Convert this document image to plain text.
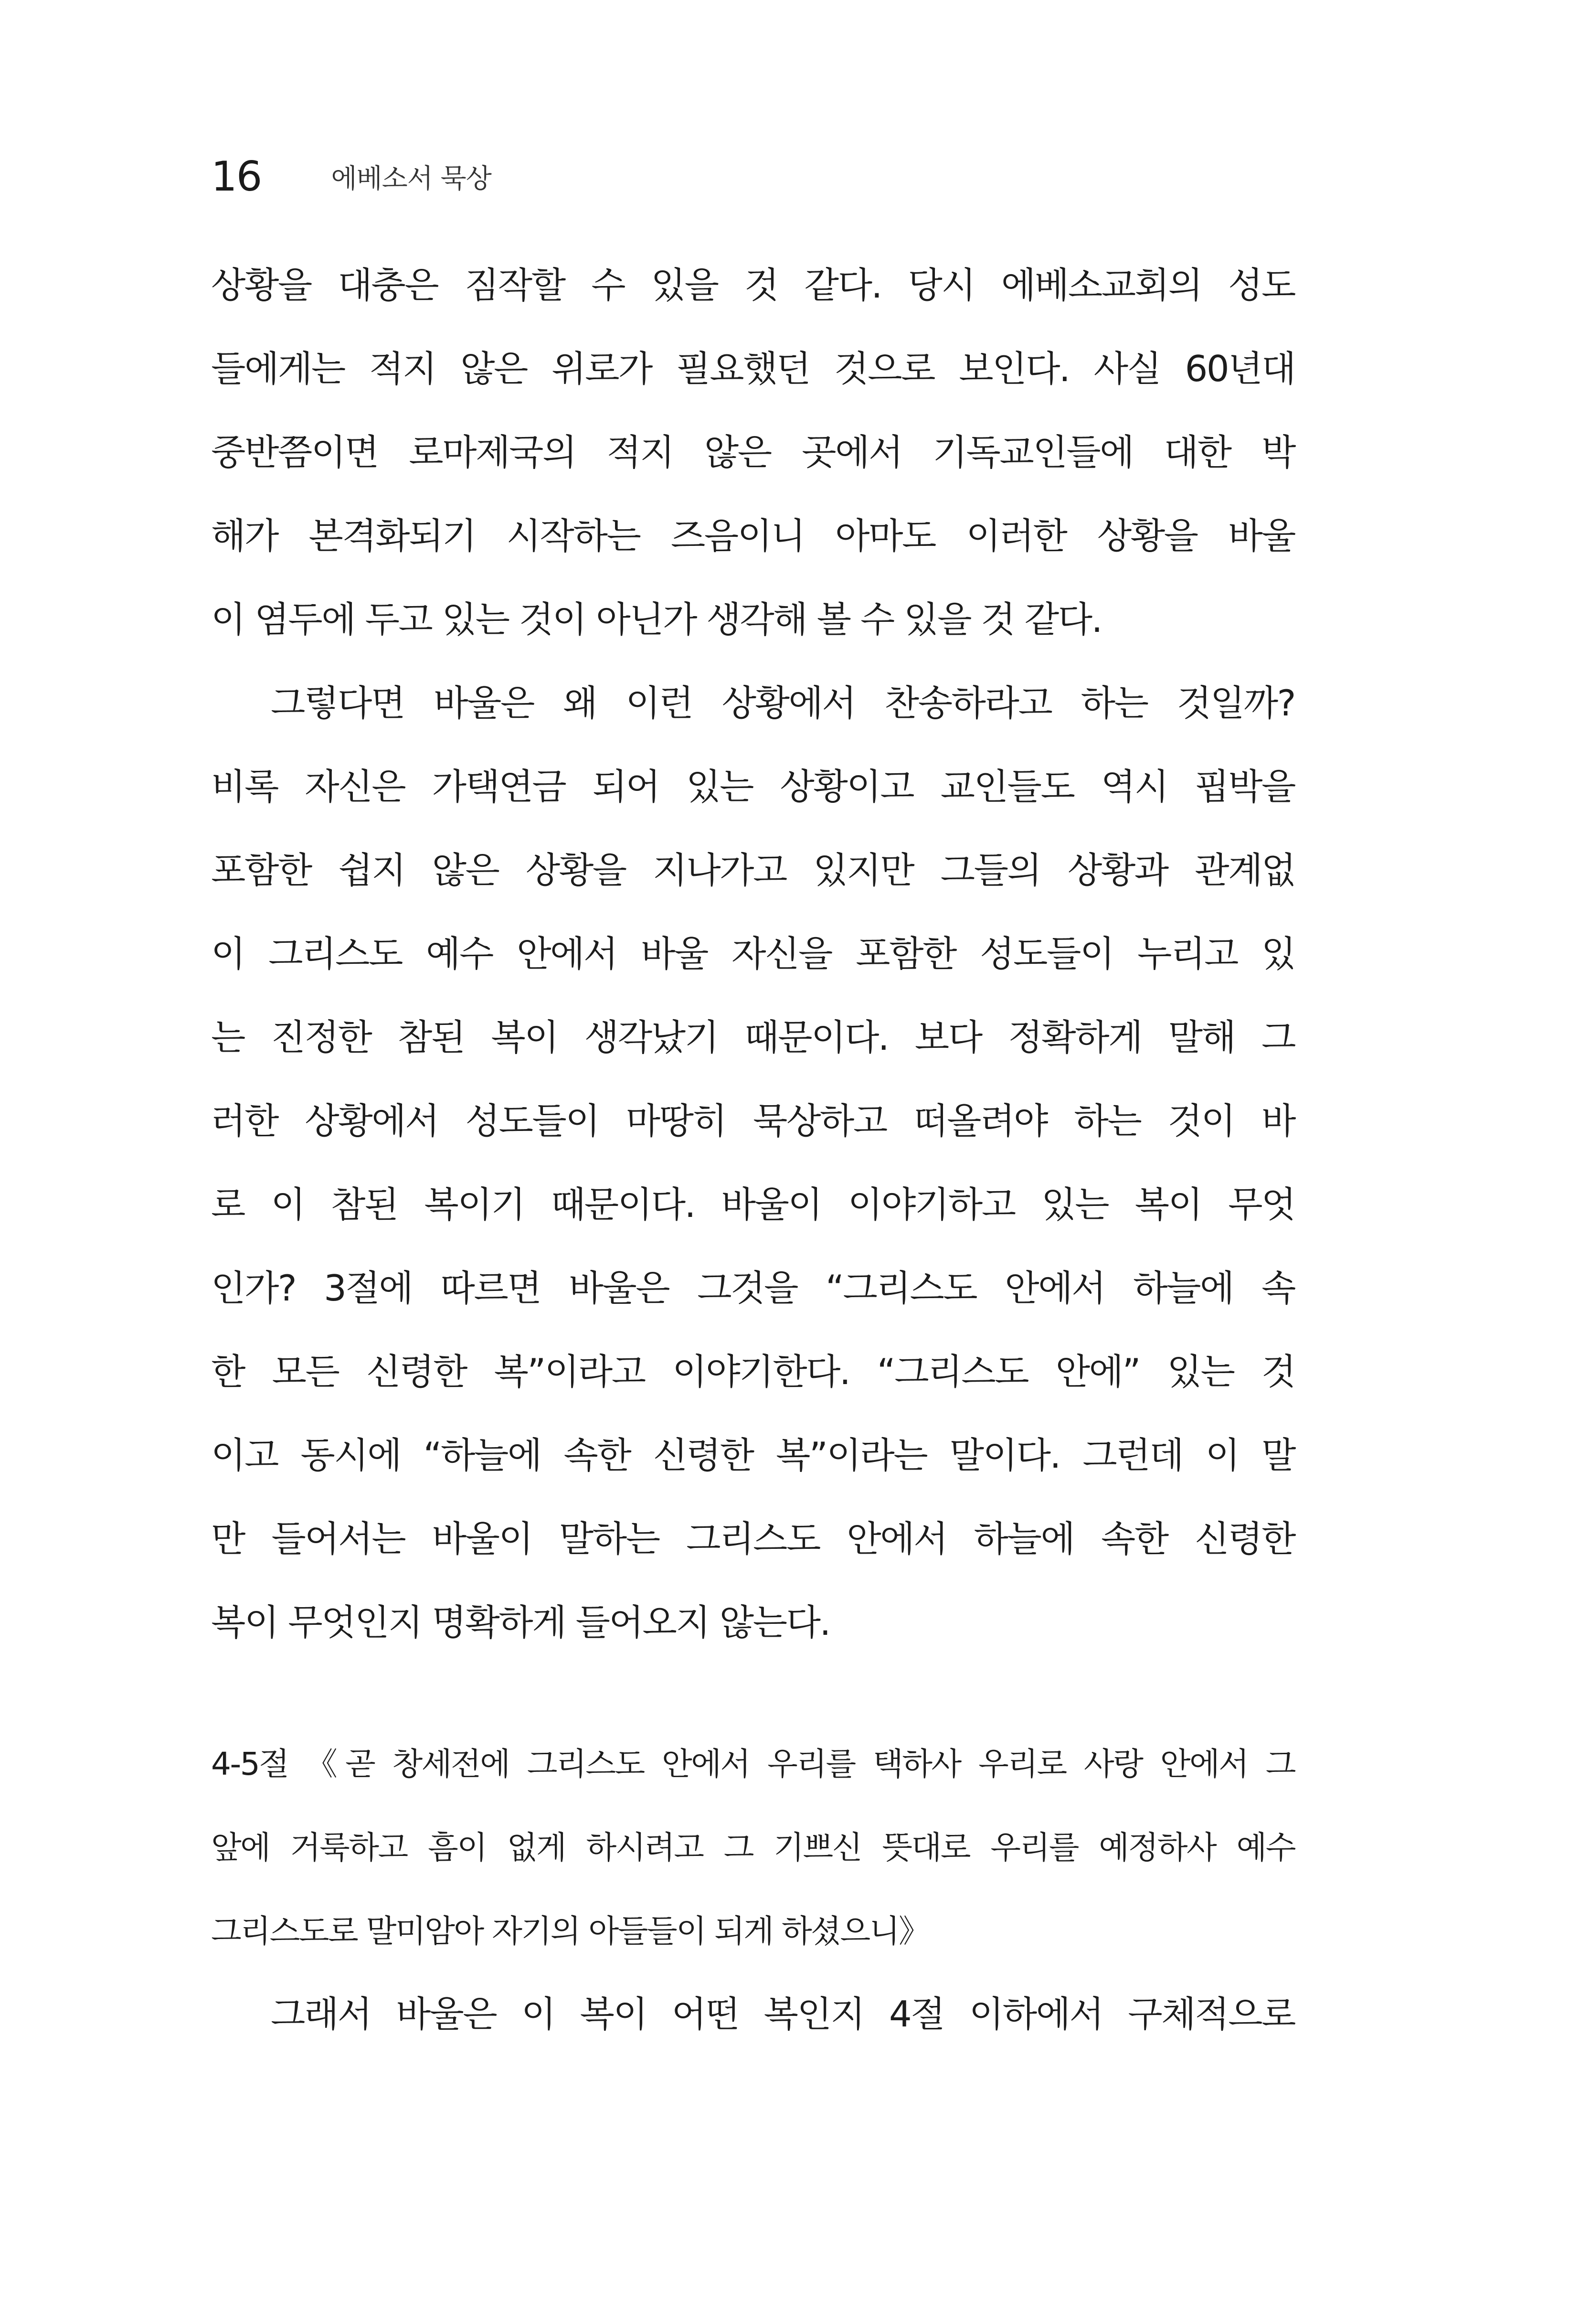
16	에베소서 묵상
상황을 대충은 짐작할 수 있을 것 같다. 당시 에베소교회의 성도
들에게는 적지 않은 위로가 필요했던 것으로 보인다. 사실 60년대
중반쯤이면 로마제국의 적지 않은 곳에서 기독교인들에 대한 박
해가 본격화되기 시작하는 즈음이니 아마도 이러한 상황을 바울
이 염두에 두고 있는 것이 아닌가 생각해 볼 수 있을 것 같다.
그렇다면 바울은 왜 이런 상황에서 찬송하라고 하는 것일까?
비록 자신은 가택연금 되어 있는 상황이고 교인들도 역시 핍박을
포함한 쉽지 않은 상황을 지나가고 있지만 그들의 상황과 관계없
이 그리스도 예수 안에서 바울 자신을 포함한 성도들이 누리고 있
는 진정한 참된 복이 생각났기 때문이다. 보다 정확하게 말해 그
러한 상황에서 성도들이 마땅히 묵상하고 떠올려야 하는 것이 바
로 이 참된 복이기 때문이다. 바울이 이야기하고 있는 복이 무엇
인가? 3절에 따르면 바울은 그것을 “그리스도 안에서 하늘에 속
한 모든 신령한 복”이라고 이야기한다. “그리스도 안에” 있는 것
이고 동시에 “하늘에 속한 신령한 복”이라는 말이다. 그런데 이 말
만 들어서는 바울이 말하는 그리스도 안에서 하늘에 속한 신령한
복이 무엇인지 명확하게 들어오지 않는다.
4-5절 《곧 창세전에 그리스도 안에서 우리를 택하사 우리로 사랑 안에서 그
앞에 거룩하고 흠이 없게 하시려고 그 기쁘신 뜻대로 우리를 예정하사 예수
그리스도로 말미암아 자기의 아들들이 되게 하셨으니》
그래서 바울은 이 복이 어떤 복인지 4절 이하에서 구체적으로
